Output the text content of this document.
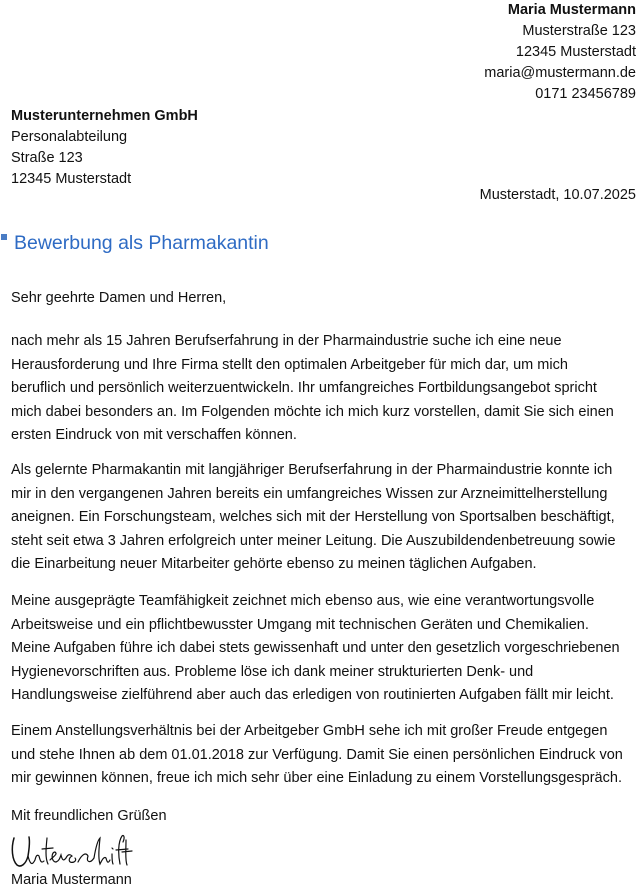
Maria Mustermann
Musterstraße 123
12345 Musterstadt
maria@mustermann.de
0171 23456789
Musterunternehmen GmbH
Personalabteilung
Straße 123
12345 Musterstadt
Musterstadt, 10.07.2025
Bewerbung als Pharmakantin
Sehr geehrte Damen und Herren,
nach mehr als 15 Jahren Berufserfahrung in der Pharmaindustrie suche ich eine neue
Herausforderung und Ihre Firma stellt den optimalen Arbeitgeber für mich dar, um mich
beruflich und persönlich weiterzuentwickeln. Ihr umfangreiches Fortbildungsangebot spricht
mich dabei besonders an. Im Folgenden möchte ich mich kurz vorstellen, damit Sie sich einen
ersten Eindruck von mit verschaffen können.
Als gelernte Pharmakantin mit langjähriger Berufserfahrung in der Pharmaindustrie konnte ich
mir in den vergangenen Jahren bereits ein umfangreiches Wissen zur Arzneimittelherstellung
aneignen. Ein Forschungsteam, welches sich mit der Herstellung von Sportsalben beschäftigt,
steht seit etwa 3 Jahren erfolgreich unter meiner Leitung. Die Auszubildendenbetreuung sowie
die Einarbeitung neuer Mitarbeiter gehörte ebenso zu meinen täglichen Aufgaben.
Meine ausgeprägte Teamfähigkeit zeichnet mich ebenso aus, wie eine verantwortungsvolle
Arbeitsweise und ein pflichtbewusster Umgang mit technischen Geräten und Chemikalien.
Meine Aufgaben führe ich dabei stets gewissenhaft und unter den gesetzlich vorgeschriebenen
Hygienevorschriften aus. Probleme löse ich dank meiner strukturierten Denk- und
Handlungsweise zielführend aber auch das erledigen von routinierten Aufgaben fällt mir leicht.
Einem Anstellungsverhältnis bei der Arbeitgeber GmbH sehe ich mit großer Freude entgegen
und stehe Ihnen ab dem 01.01.2018 zur Verfügung. Damit Sie einen persönlichen Eindruck von
mir gewinnen können, freue ich mich sehr über eine Einladung zu einem Vorstellungsgespräch.
Mit freundlichen Grüßen
Maria Mustermann
